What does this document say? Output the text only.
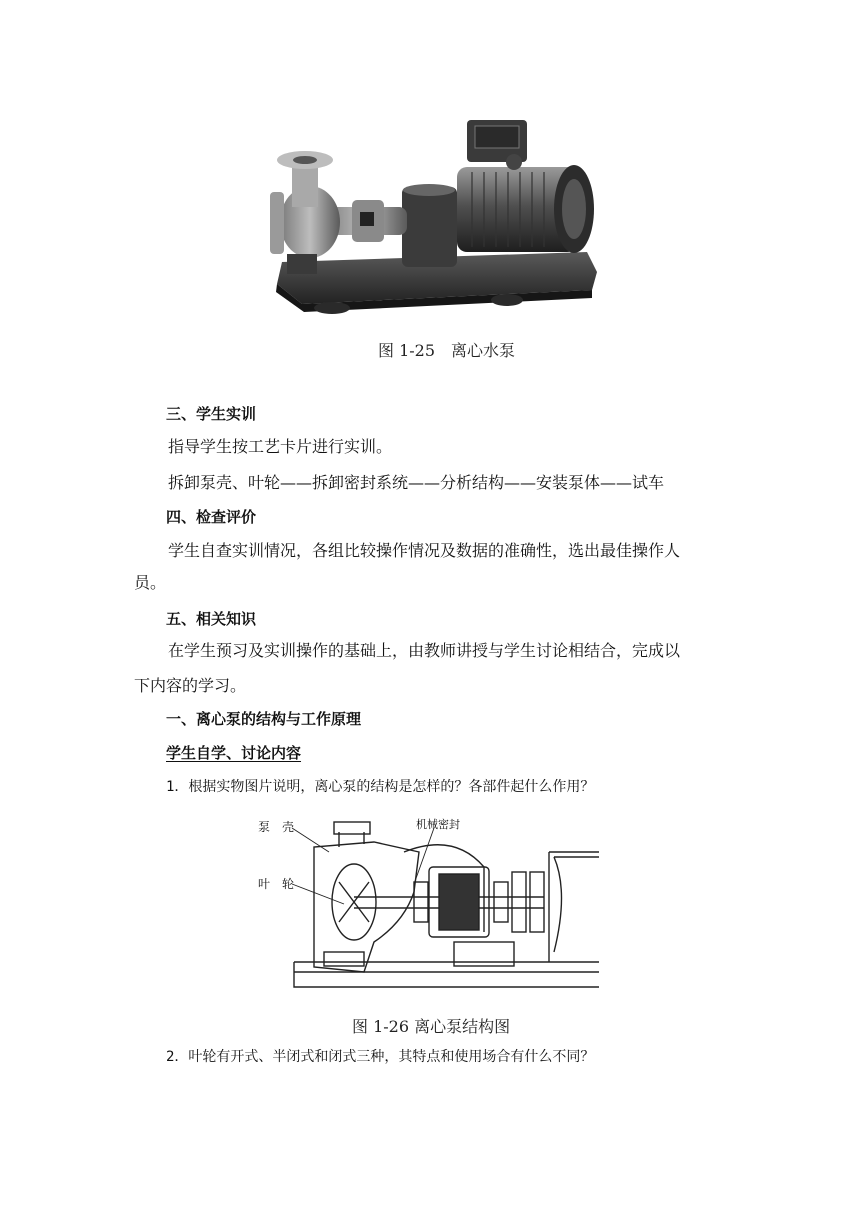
图 1-25　离心水泵
三、学生实训
指导学生按工艺卡片进行实训。
拆卸泵壳、叶轮——拆卸密封系统——分析结构——安装泵体——试车
四、检查评价
学生自查实训情况，各组比较操作情况及数据的准确性，选出最佳操作人
员。
五、相关知识
在学生预习及实训操作的基础上，由教师讲授与学生讨论相结合，完成以
下内容的学习。
一、离心泵的结构与工作原理
学生自学、讨论内容
1．根据实物图片说明，离心泵的结构是怎样的？各部件起什么作用？
泵　壳
叶　轮
机械密封
图 1-26 离心泵结构图
2．叶轮有开式、半闭式和闭式三种，其特点和使用场合有什么不同？
